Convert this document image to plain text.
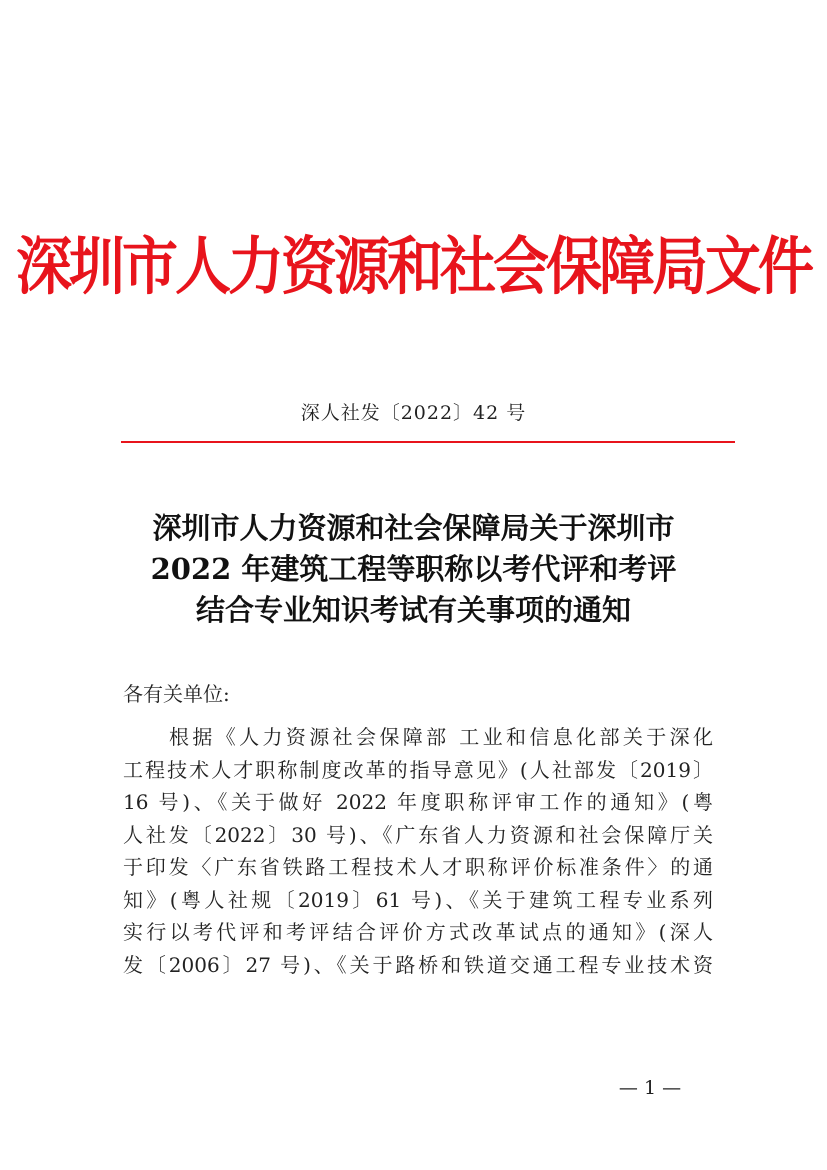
深圳市人力资源和社会保障局文件
深人社发〔2022〕42 号
深圳市人力资源和社会保障局关于深圳市
2022 年建筑工程等职称以考代评和考评
结合专业知识考试有关事项的通知
各有关单位:
根据《人力资源社会保障部 工业和信息化部关于深化
工程技术人才职称制度改革的指导意见》(人社部发〔2019〕
16 号)、《关于做好 2022 年度职称评审工作的通知》(粤
人社发〔2022〕30 号)、《广东省人力资源和社会保障厅关
于印发〈广东省铁路工程技术人才职称评价标准条件〉的通
知》(粤人社规〔2019〕61 号)、《关于建筑工程专业系列
实行以考代评和考评结合评价方式改革试点的通知》(深人
发〔2006〕27 号)、《关于路桥和铁道交通工程专业技术资
— 1 —
